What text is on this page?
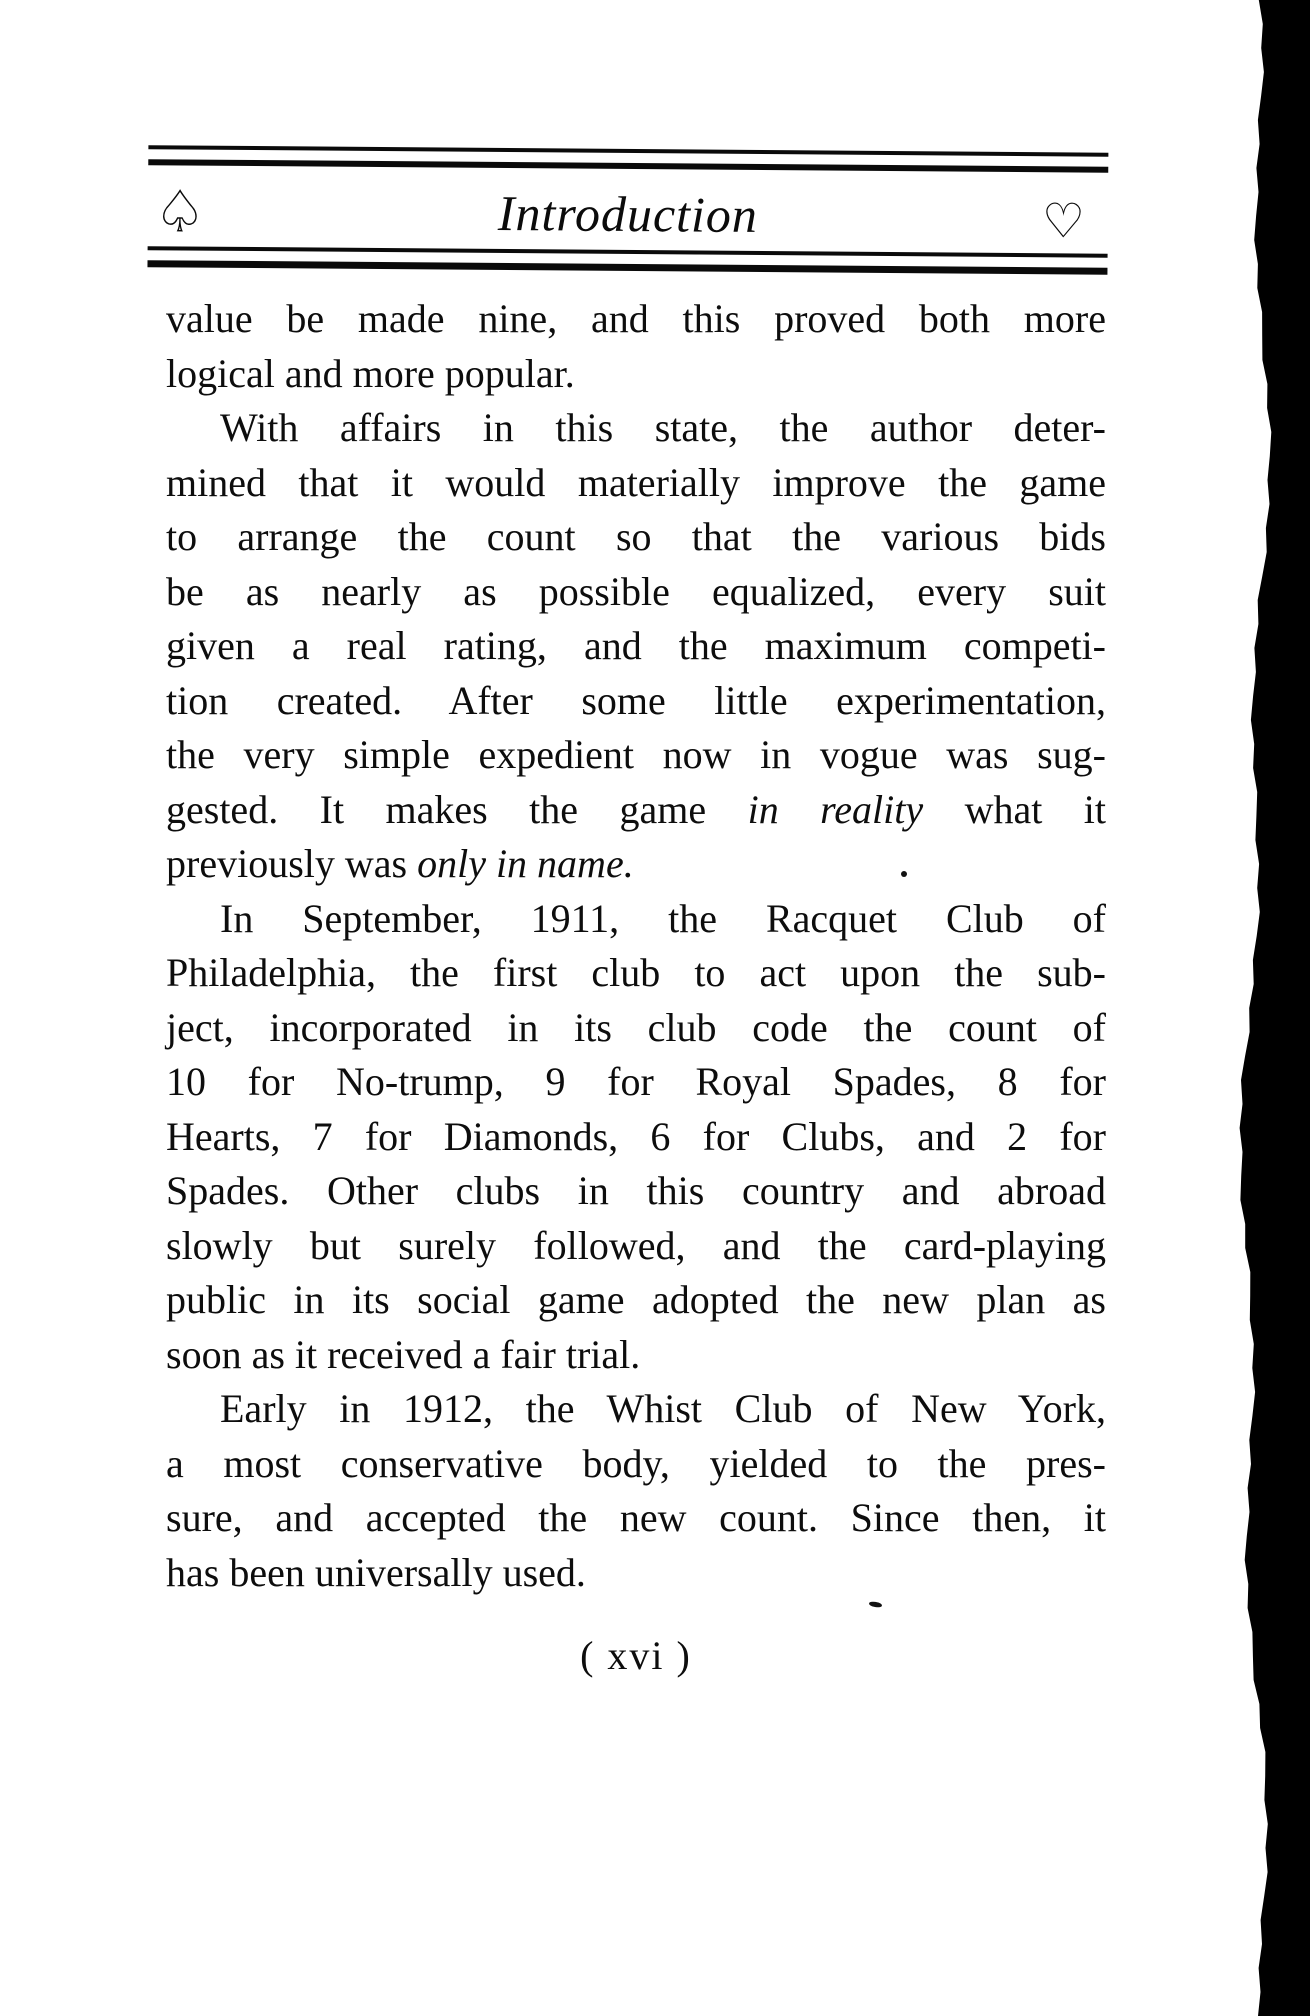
♤	Introduction	♡
value be made nine, and this proved both more
logical and more popular.
With affairs in this state, the author deter-
mined that it would materially improve the game
to arrange the count so that the various bids
be as nearly as possible equalized, every suit
given a real rating, and the maximum competi-
tion created. After some little experimentation,
the very simple expedient now in vogue was sug-
gested. It makes the game in reality what it
previously was only in name.
In September, 1911, the Racquet Club of
Philadelphia, the first club to act upon the sub-
ject, incorporated in its club code the count of
10 for No-trump, 9 for Royal Spades, 8 for
Hearts, 7 for Diamonds, 6 for Clubs, and 2 for
Spades. Other clubs in this country and abroad
slowly but surely followed, and the card-playing
public in its social game adopted the new plan as
soon as it received a fair trial.
Early in 1912, the Whist Club of New York,
a most conservative body, yielded to the pres-
sure, and accepted the new count. Since then, it
has been universally used.
( xvi )
